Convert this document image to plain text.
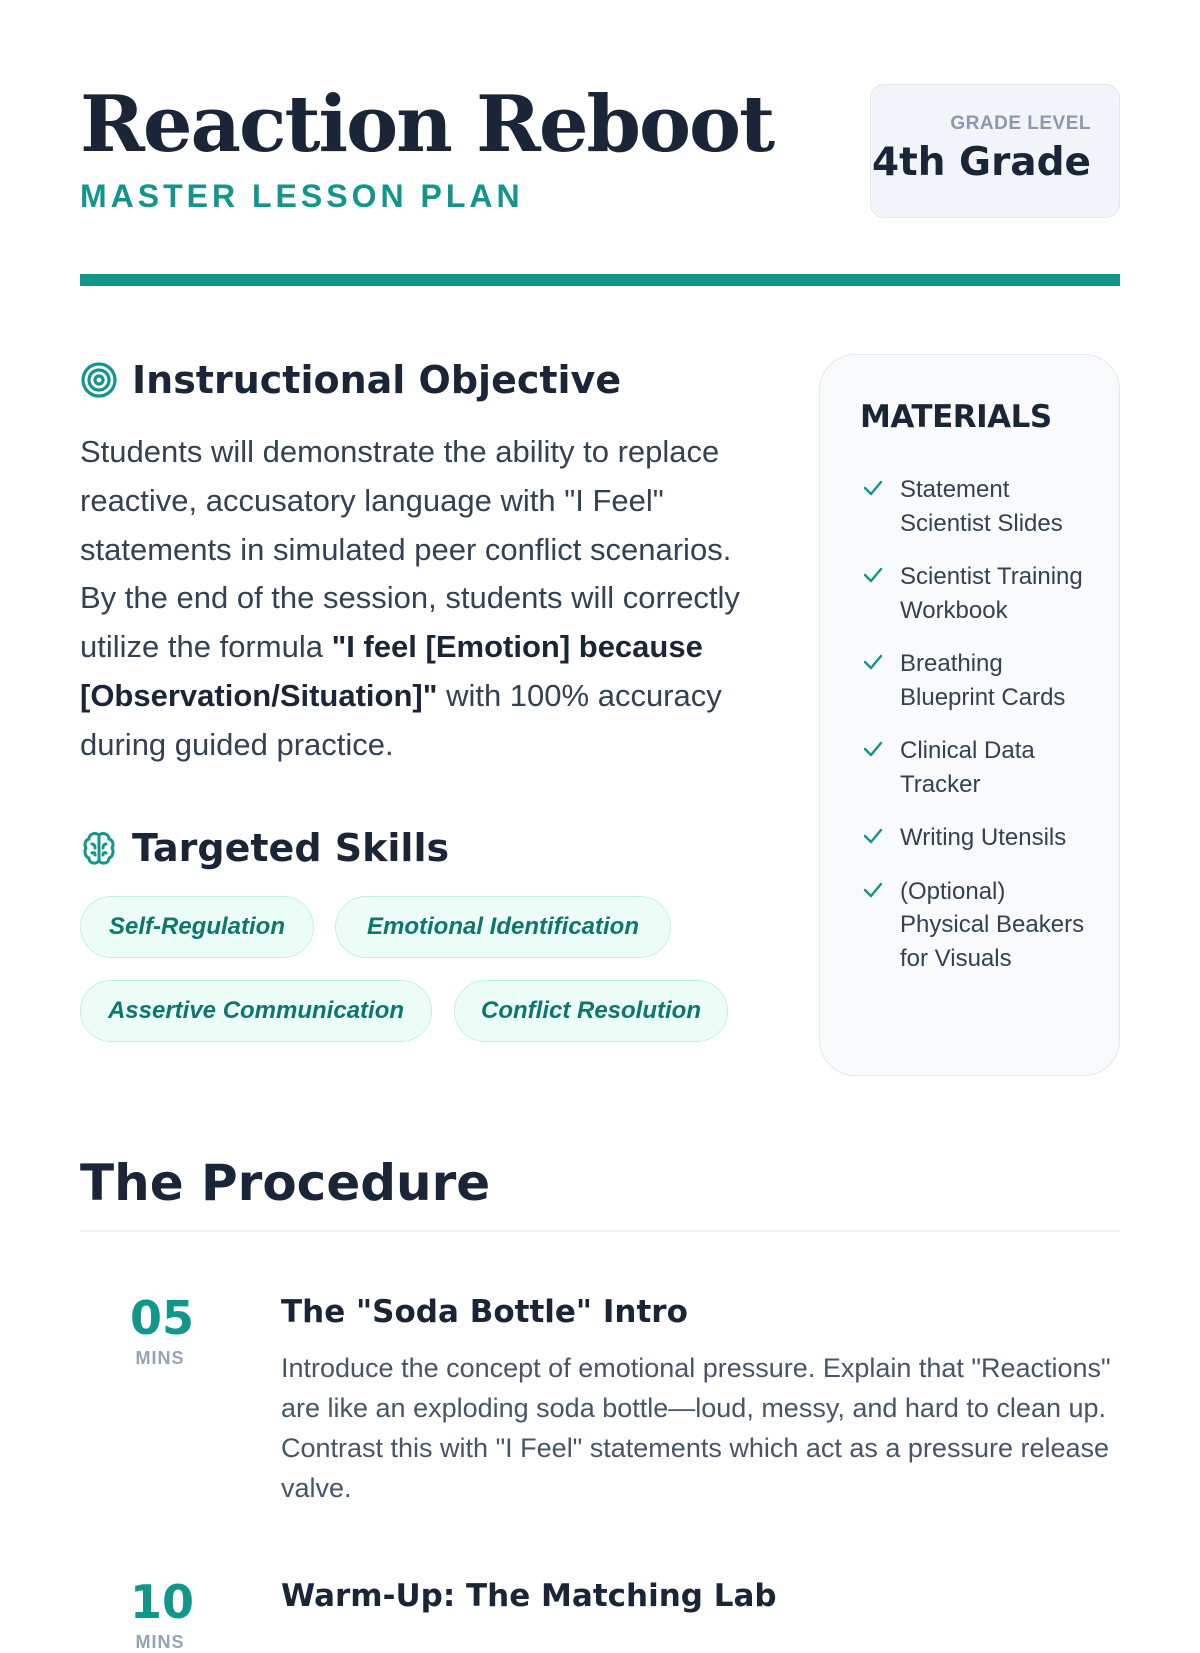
Reaction Reboot
MASTER LESSON PLAN
GRADE LEVEL
4th Grade
Instructional Objective

Students will demonstrate the ability to replace reactive, accusatory language with "I Feel" statements in simulated peer conflict scenarios. By the end of the session, students will correctly utilize the formula "I feel [Emotion] because [Observation/Situation]" with 100% accuracy during guided practice.

Targeted Skills
Self-Regulation	Emotional Identification
Assertive Communication	Conflict Resolution
MATERIALS
Statement Scientist Slides
Scientist Training Workbook
Breathing Blueprint Cards
Clinical Data Tracker
Writing Utensils
(Optional) Physical Beakers for Visuals
The Procedure
05
MINS
The "Soda Bottle" Intro

Introduce the concept of emotional pressure. Explain that "Reactions" are like an exploding soda bottle—loud, messy, and hard to clean up. Contrast this with "I Feel" statements which act as a pressure release valve.

10
MINS
Warm-Up: The Matching Lab
